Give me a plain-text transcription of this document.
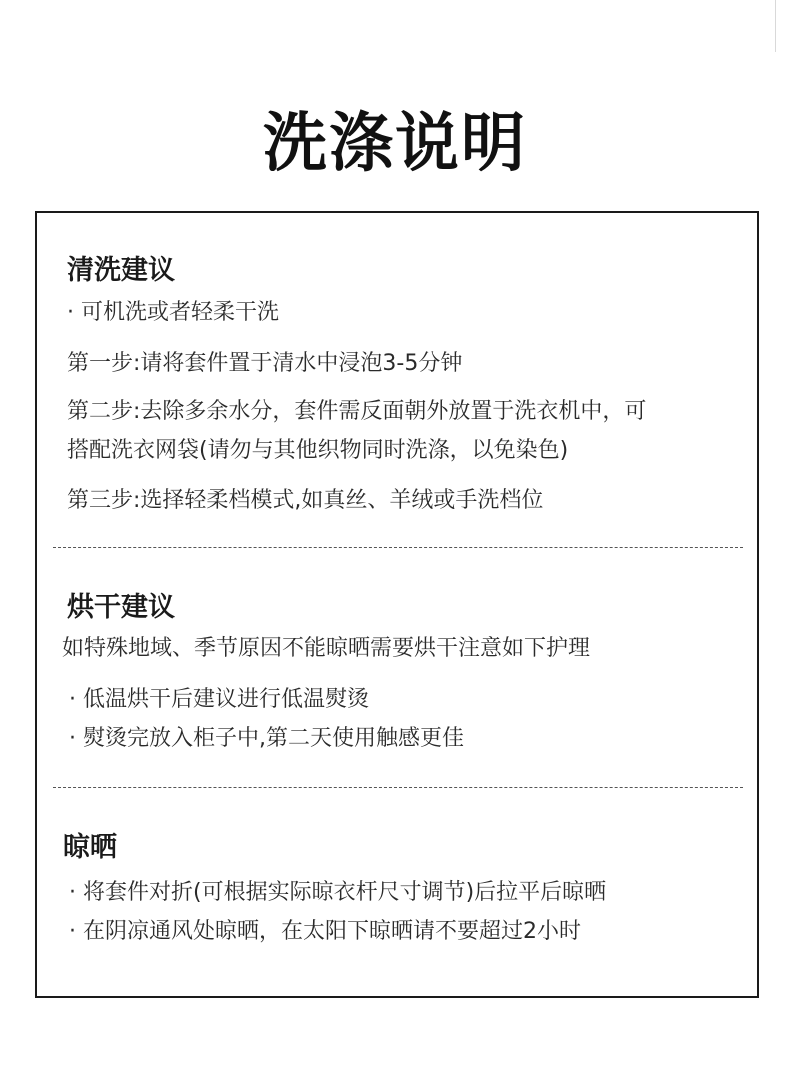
洗涤说明
清洗建议
· 可机洗或者轻柔干洗
第一步:请将套件置于清水中浸泡3-5分钟
第二步:去除多余水分，套件需反面朝外放置于洗衣机中，可
搭配洗衣网袋(请勿与其他织物同时洗涤，以免染色)
第三步:选择轻柔档模式,如真丝、羊绒或手洗档位
烘干建议
如特殊地域、季节原因不能晾晒需要烘干注意如下护理
· 低温烘干后建议进行低温熨烫
· 熨烫完放入柜子中,第二天使用触感更佳
晾晒
· 将套件对折(可根据实际晾衣杆尺寸调节)后拉平后晾晒
· 在阴凉通风处晾晒，在太阳下晾晒请不要超过2小时
